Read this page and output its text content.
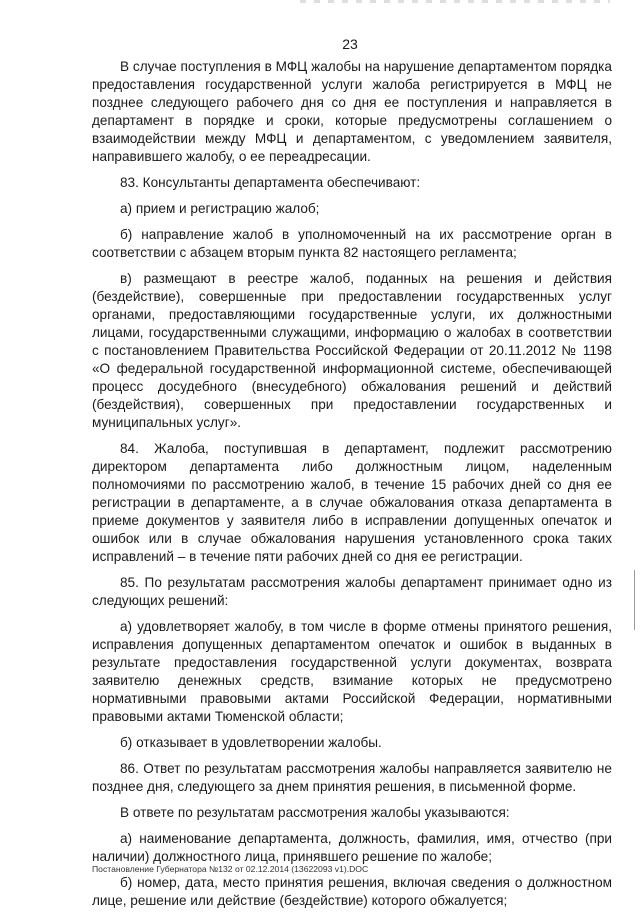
23

В случае поступления в МФЦ жалобы на нарушение департаментом порядка предоставления государственной услуги жалоба регистрируется в МФЦ не позднее следующего рабочего дня со дня ее поступления и направляется в департамент в порядке и сроки, которые предусмотрены соглашением о взаимодействии между МФЦ и департаментом, с уведомлением заявителя, направившего жалобу, о ее переадресации.

83. Консультанты департамента обеспечивают:

а) прием и регистрацию жалоб;

б) направление жалоб в уполномоченный на их рассмотрение орган в соответствии с абзацем вторым пункта 82 настоящего регламента;

в) размещают в реестре жалоб, поданных на решения и действия (бездействие), совершенные при предоставлении государственных услуг органами, предоставляющими государственные услуги, их должностными лицами, государственными служащими, информацию о жалобах в соответствии с постановлением Правительства Российской Федерации от 20.11.2012 № 1198 «О федеральной государственной информационной системе, обеспечивающей процесс досудебного (внесудебного) обжалования решений и действий (бездействия), совершенных при предоставлении государственных и муниципальных услуг».

84. Жалоба, поступившая в департамент, подлежит рассмотрению директором департамента либо должностным лицом, наделенным полномочиями по рассмотрению жалоб, в течение 15 рабочих дней со дня ее регистрации в департаменте, а в случае обжалования отказа департамента в приеме документов у заявителя либо в исправлении допущенных опечаток и ошибок или в случае обжалования нарушения установленного срока таких исправлений – в течение пяти рабочих дней со дня ее регистрации.

85. По результатам рассмотрения жалобы департамент принимает одно из следующих решений:

а) удовлетворяет жалобу, в том числе в форме отмены принятого решения, исправления допущенных департаментом опечаток и ошибок в выданных в результате предоставления государственной услуги документах, возврата заявителю денежных средств, взимание которых не предусмотрено нормативными правовыми актами Российской Федерации, нормативными правовыми актами Тюменской области;

б) отказывает в удовлетворении жалобы.

86. Ответ по результатам рассмотрения жалобы направляется заявителю не позднее дня, следующего за днем принятия решения, в письменной форме.

В ответе по результатам рассмотрения жалобы указываются:

а) наименование департамента, должность, фамилия, имя, отчество (при наличии) должностного лица, принявшего решение по жалобе;

б) номер, дата, место принятия решения, включая сведения о должностном лице, решение или действие (бездействие) которого обжалуется;

Постановление Губернатора №132 от 02.12.2014 (13622093 v1).DOC
